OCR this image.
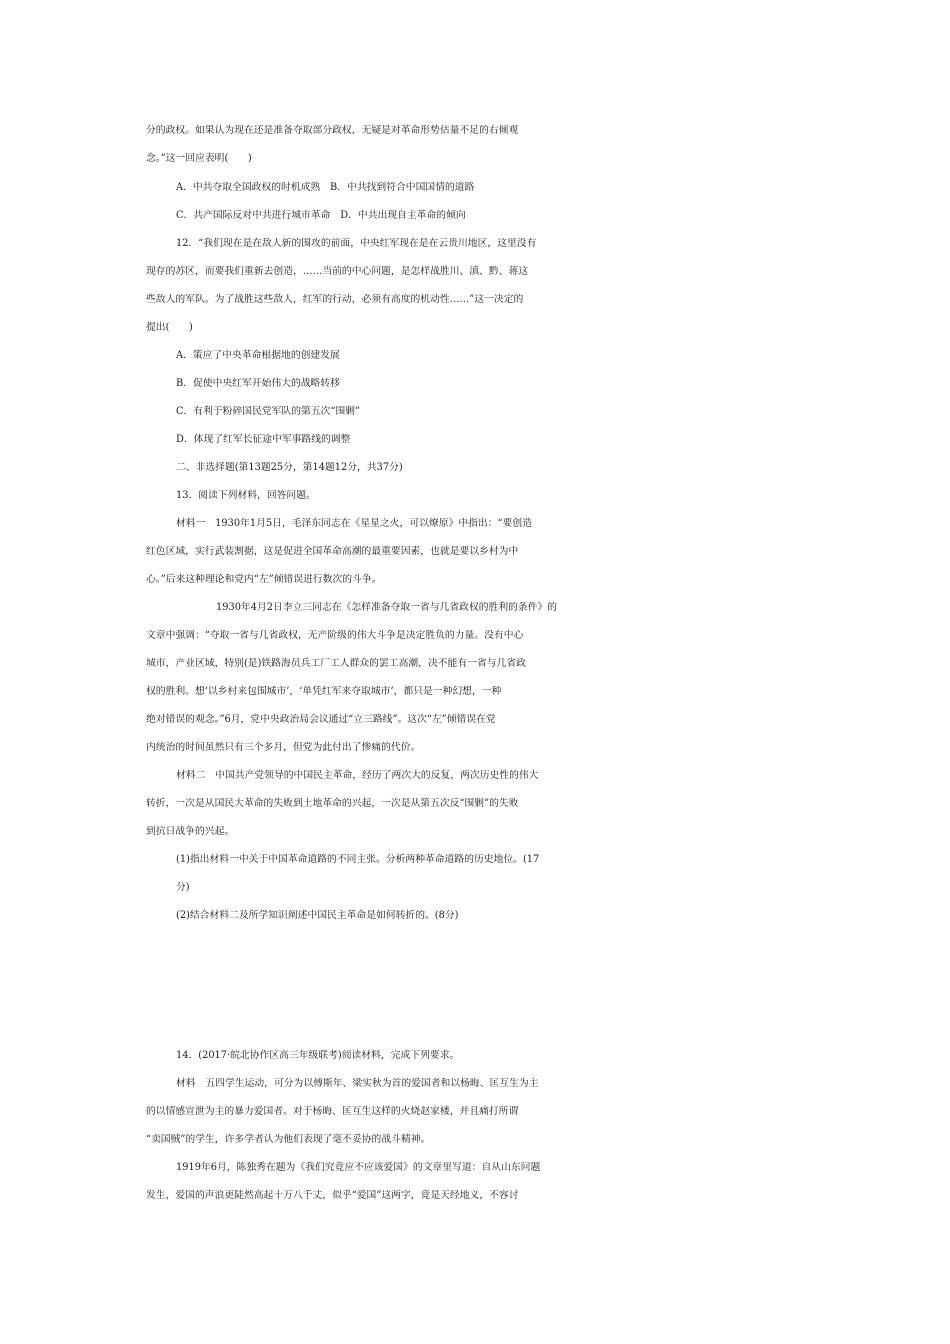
分的政权。如果认为现在还是准备夺取部分政权，无疑是对革命形势估量不足的右倾观

念。”这一回应表明(　　)

A．中共夺取全国政权的时机成熟　B．中共找到符合中国国情的道路

C．共产国际反对中共进行城市革命　D．中共出现自主革命的倾向

12．“我们现在是在敌人新的围攻的前面，中央红军现在是在云贵川地区，这里没有

现存的苏区，而要我们重新去创造，……当前的中心问题，是怎样战胜川、滇、黔、蒋这

些敌人的军队。为了战胜这些敌人，红军的行动，必须有高度的机动性……”这一决定的

提出(　　)

A．策应了中央革命根据地的创建发展

B．促使中央红军开始伟大的战略转移

C．有利于粉碎国民党军队的第五次“围剿”

D．体现了红军长征途中军事路线的调整

二、非选择题(第13题25分，第14题12分，共37分)

13．阅读下列材料，回答问题。

材料一　1930年1月5日，毛泽东同志在《星星之火，可以燎原》中指出：“要创造

红色区域，实行武装割据，这是促进全国革命高潮的最重要因素，也就是要以乡村为中

心。”后来这种理论和党内“左”倾错误进行数次的斗争。

1930年4月2日李立三同志在《怎样准备夺取一省与几省政权的胜利的条件》的

文章中强调：“夺取一省与几省政权，无产阶级的伟大斗争是决定胜负的力量。没有中心

城市，产业区域，特别(是)铁路海员兵工厂工人群众的罢工高潮，决不能有一省与几省政

权的胜利。想‘以乡村来包围城市’，‘单凭红军来夺取城市’，都只是一种幻想，一种

绝对错误的观念。”6月，党中央政治局会议通过“立三路线”。这次“左”倾错误在党

内统治的时间虽然只有三个多月，但党为此付出了惨痛的代价。

材料二　中国共产党领导的中国民主革命，经历了两次大的反复，两次历史性的伟大

转折，一次是从国民大革命的失败到土地革命的兴起，一次是从第五次反“围剿”的失败

到抗日战争的兴起。

(1)指出材料一中关于中国革命道路的不同主张。分析两种革命道路的历史地位。(17

分)

(2)结合材料二及所学知识阐述中国民主革命是如何转折的。(8分)

14．(2017·皖北协作区高三年级联考)阅读材料，完成下列要求。

材料　五四学生运动，可分为以傅斯年、梁实秋为首的爱国者和以杨晦、匡互生为主

的以情感宣泄为主的暴力爱国者。对于杨晦、匡互生这样的火烧赵家楼，并且痛打所谓

“卖国贼”的学生，许多学者认为他们表现了毫不妥协的战斗精神。

1919年6月，陈独秀在题为《我们究竟应不应该爱国》的文章里写道：自从山东问题

发生，爱国的声浪更陡然高起十万八千丈，似乎“爱国”这两字，竟是天经地义，不容讨
